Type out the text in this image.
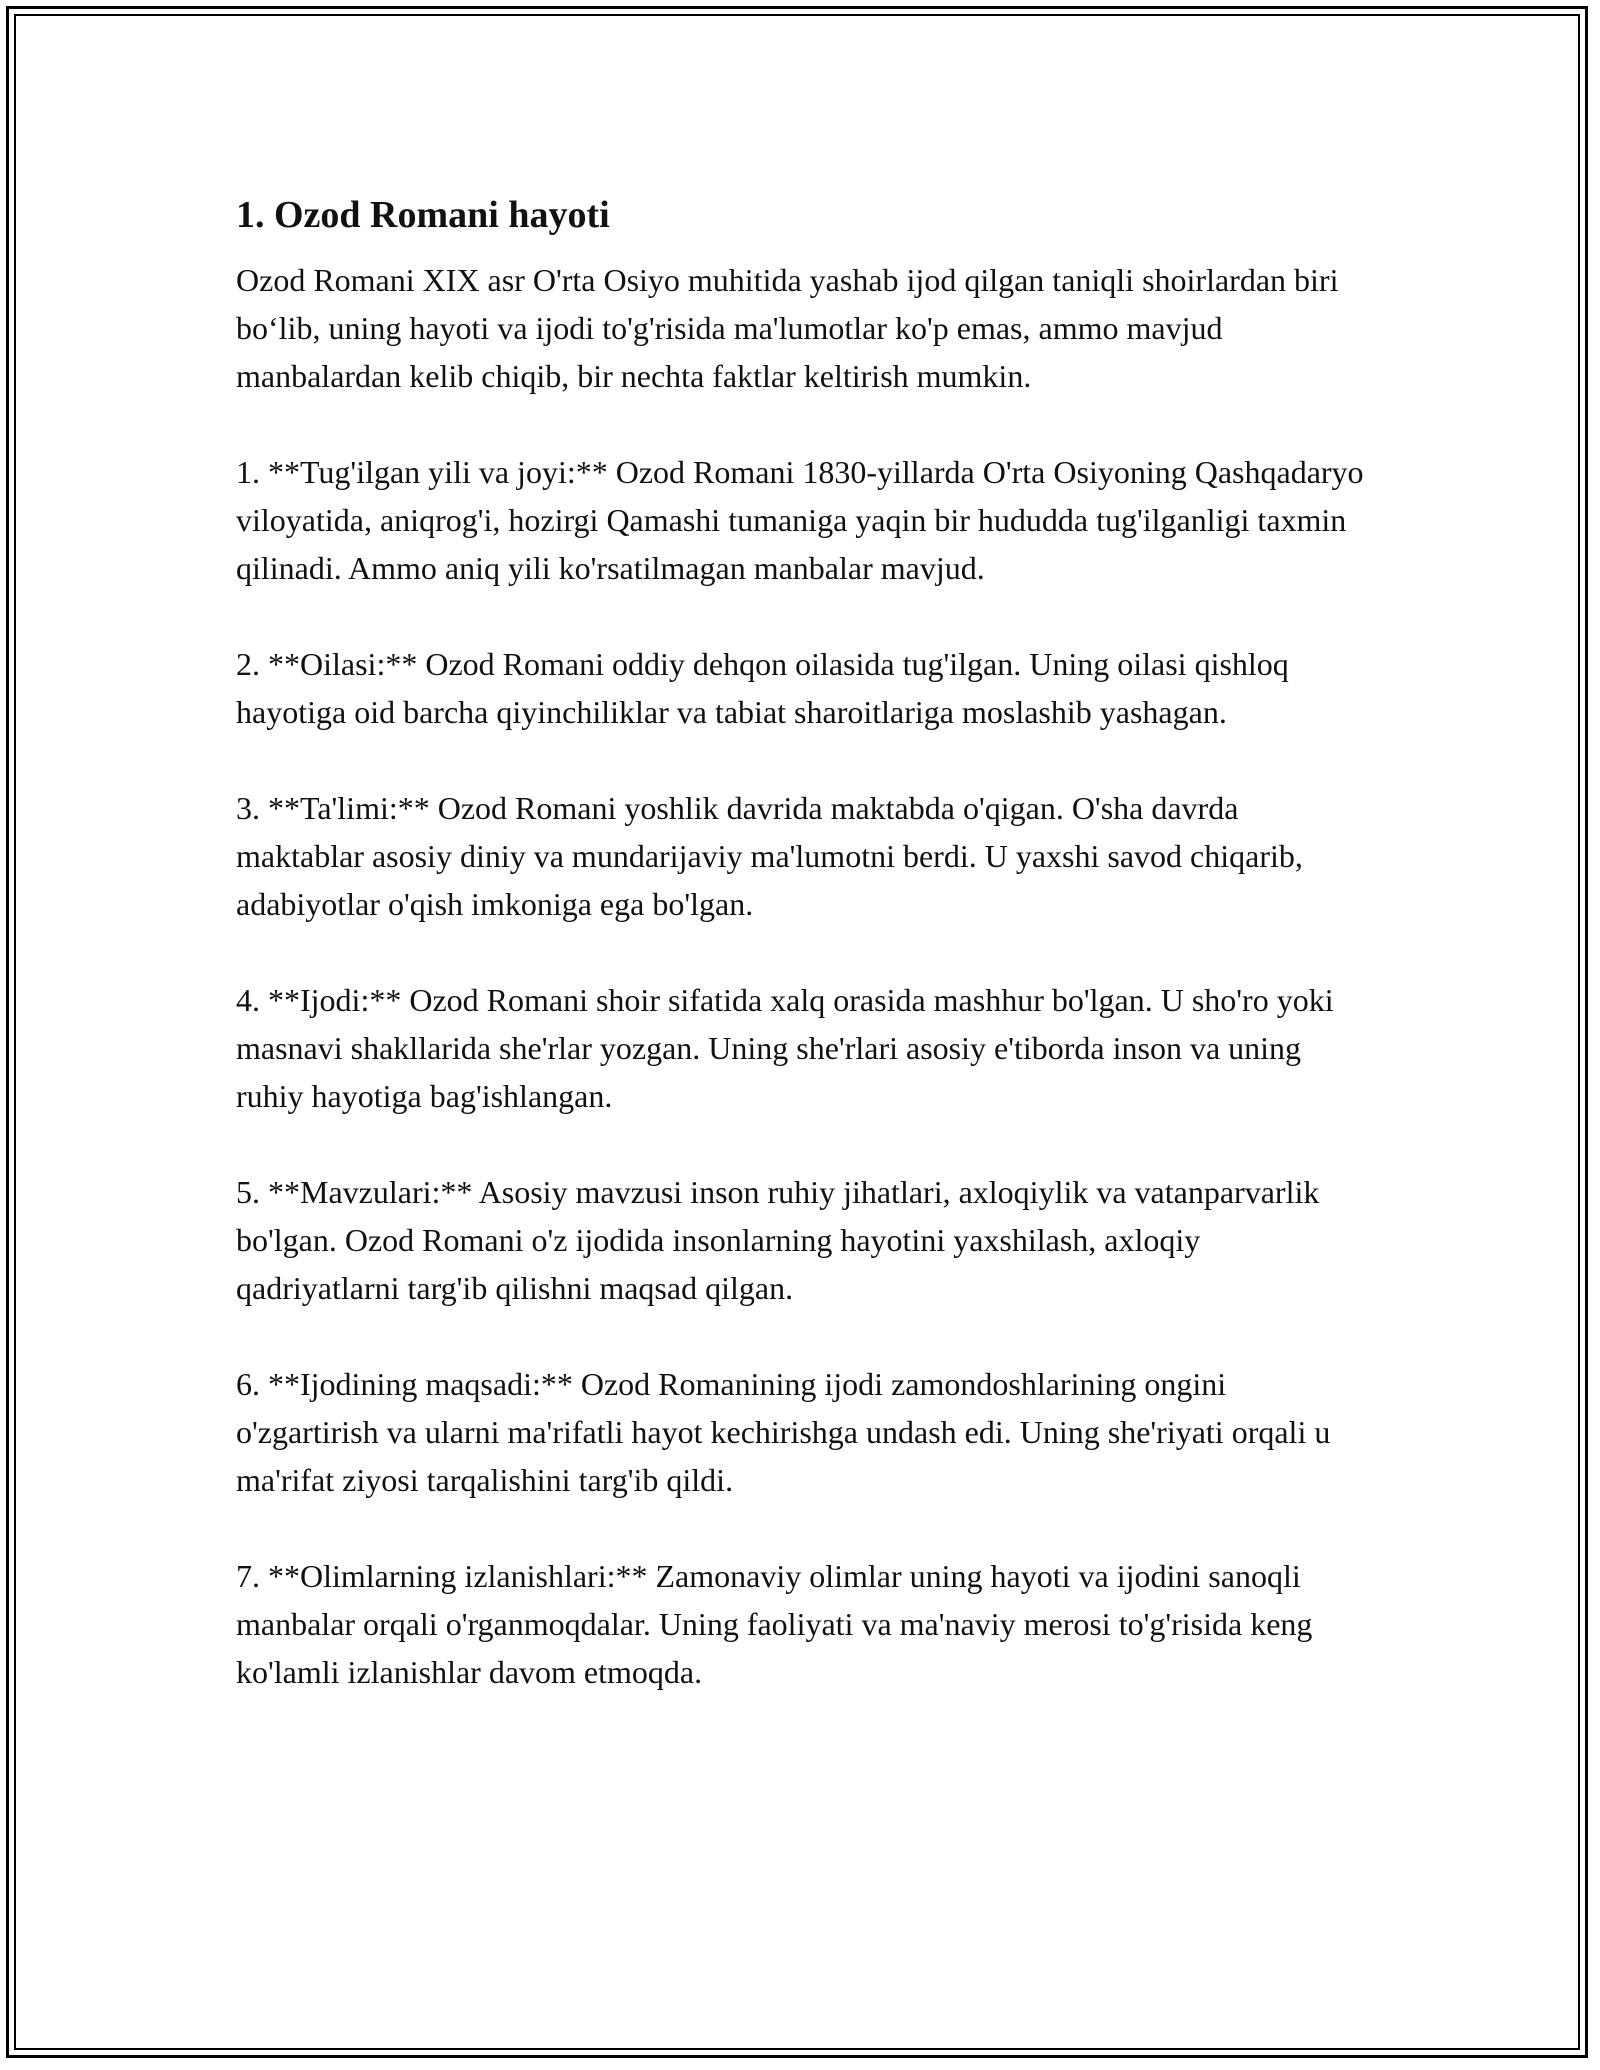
1. Ozod Romani hayoti

Ozod Romani XIX asr O'rta Osiyo muhitida yashab ijod qilgan taniqli shoirlardan biri bo‘lib, uning hayoti va ijodi to'g'risida ma'lumotlar ko'p emas, ammo mavjud manbalardan kelib chiqib, bir nechta faktlar keltirish mumkin.

1. **Tug'ilgan yili va joyi:** Ozod Romani 1830-yillarda O'rta Osiyoning Qashqadaryo viloyatida, aniqrog'i, hozirgi Qamashi tumaniga yaqin bir hududda tug'ilganligi taxmin qilinadi. Ammo aniq yili ko'rsatilmagan manbalar mavjud.

2. **Oilasi:** Ozod Romani oddiy dehqon oilasida tug'ilgan. Uning oilasi qishloq hayotiga oid barcha qiyinchiliklar va tabiat sharoitlariga moslashib yashagan.

3. **Ta'limi:** Ozod Romani yoshlik davrida maktabda o'qigan. O'sha davrda maktablar asosiy diniy va mundarijaviy ma'lumotni berdi. U yaxshi savod chiqarib, adabiyotlar o'qish imkoniga ega bo'lgan.

4. **Ijodi:** Ozod Romani shoir sifatida xalq orasida mashhur bo'lgan. U sho'ro yoki masnavi shakllarida she'rlar yozgan. Uning she'rlari asosiy e'tiborda inson va uning ruhiy hayotiga bag'ishlangan.

5. **Mavzulari:** Asosiy mavzusi inson ruhiy jihatlari, axloqiylik va vatanparvarlik bo'lgan. Ozod Romani o'z ijodida insonlarning hayotini yaxshilash, axloqiy qadriyatlarni targ'ib qilishni maqsad qilgan.

6. **Ijodining maqsadi:** Ozod Romanining ijodi zamondoshlarining ongini o'zgartirish va ularni ma'rifatli hayot kechirishga undash edi. Uning she'riyati orqali u ma'rifat ziyosi tarqalishini targ'ib qildi.

7. **Olimlarning izlanishlari:** Zamonaviy olimlar uning hayoti va ijodini sanoqli manbalar orqali o'rganmoqdalar. Uning faoliyati va ma'naviy merosi to'g'risida keng ko'lamli izlanishlar davom etmoqda.
